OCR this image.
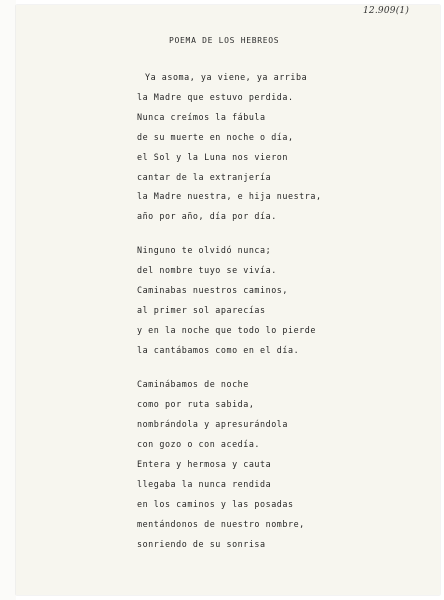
12.909(1)
POEMA DE LOS HEBREOS
Ya asoma, ya viene, ya arriba
la Madre que estuvo perdida.
Nunca creímos la fábula
de su muerte en noche o día,
el Sol y la Luna nos vieron
cantar de la extranjería
la Madre nuestra, e hija nuestra,
año por año, día por día.
Ninguno te olvidó nunca;
del nombre tuyo se vivía.
Caminabas nuestros caminos,
al primer sol aparecías
y en la noche que todo lo pierde
la cantábamos como en el día.
Caminábamos de noche
como por ruta sabida,
nombrándola y apresurándola
con gozo o con acedía.
Entera y hermosa y cauta
llegaba la nunca rendida
en los caminos y las posadas
mentándonos de nuestro nombre,
sonriendo de su sonrisa
